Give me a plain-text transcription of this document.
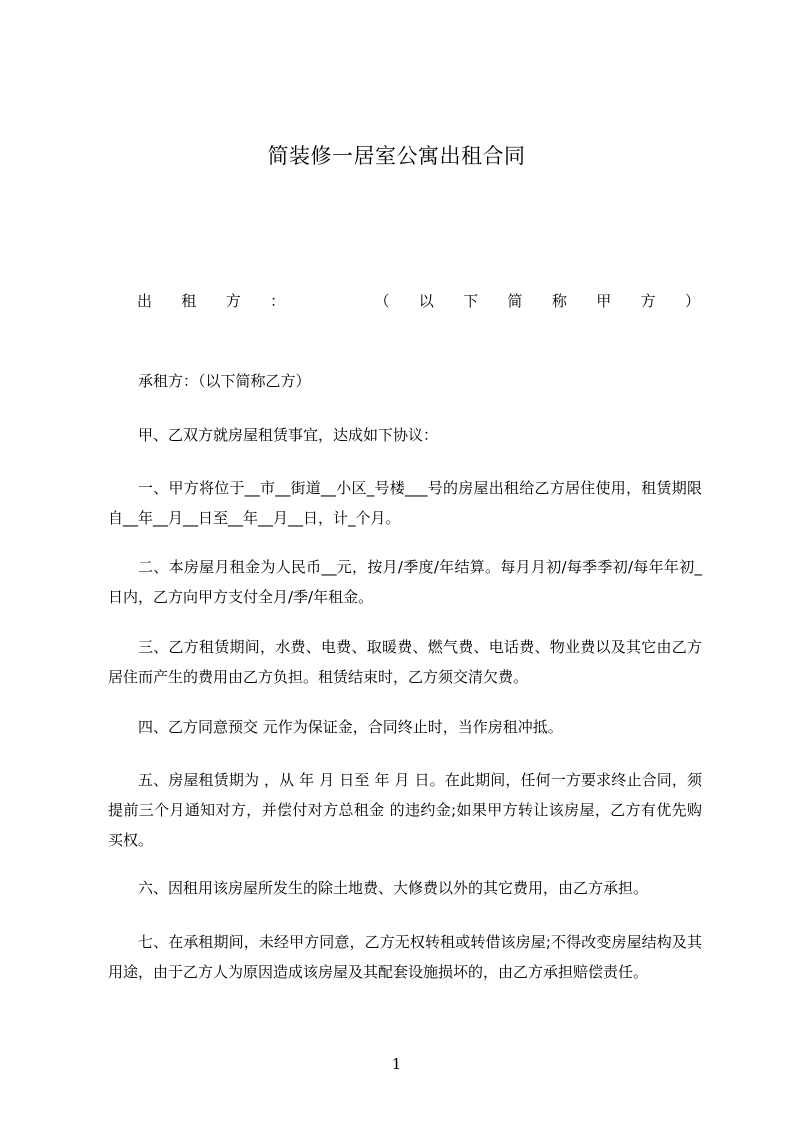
简装修一居室公寓出租合同
出 租 方 ：	（ 以 下 简 称 甲 方 ）
承租方：（以下简称乙方）
甲、乙双方就房屋租赁事宜，达成如下协议：
一、甲方将位于__市__街道__小区_号楼___号的房屋出租给乙方居住使用，租赁期限自__年__月__日至__年__月__日，计_个月。
二、本房屋月租金为人民币__元，按月/季度/年结算。每月月初/每季季初/每年年初_日内，乙方向甲方支付全月/季/年租金。
三、乙方租赁期间，水费、电费、取暖费、燃气费、电话费、物业费以及其它由乙方居住而产生的费用由乙方负担。租赁结束时，乙方须交清欠费。
四、乙方同意预交 元作为保证金，合同终止时，当作房租冲抵。
五、房屋租赁期为 ，从 年 月 日至 年 月 日。在此期间，任何一方要求终止合同，须提前三个月通知对方，并偿付对方总租金 的违约金;如果甲方转让该房屋，乙方有优先购买权。
六、因租用该房屋所发生的除土地费、大修费以外的其它费用，由乙方承担。
七、在承租期间，未经甲方同意，乙方无权转租或转借该房屋;不得改变房屋结构及其用途，由于乙方人为原因造成该房屋及其配套设施损坏的，由乙方承担赔偿责任。
1
